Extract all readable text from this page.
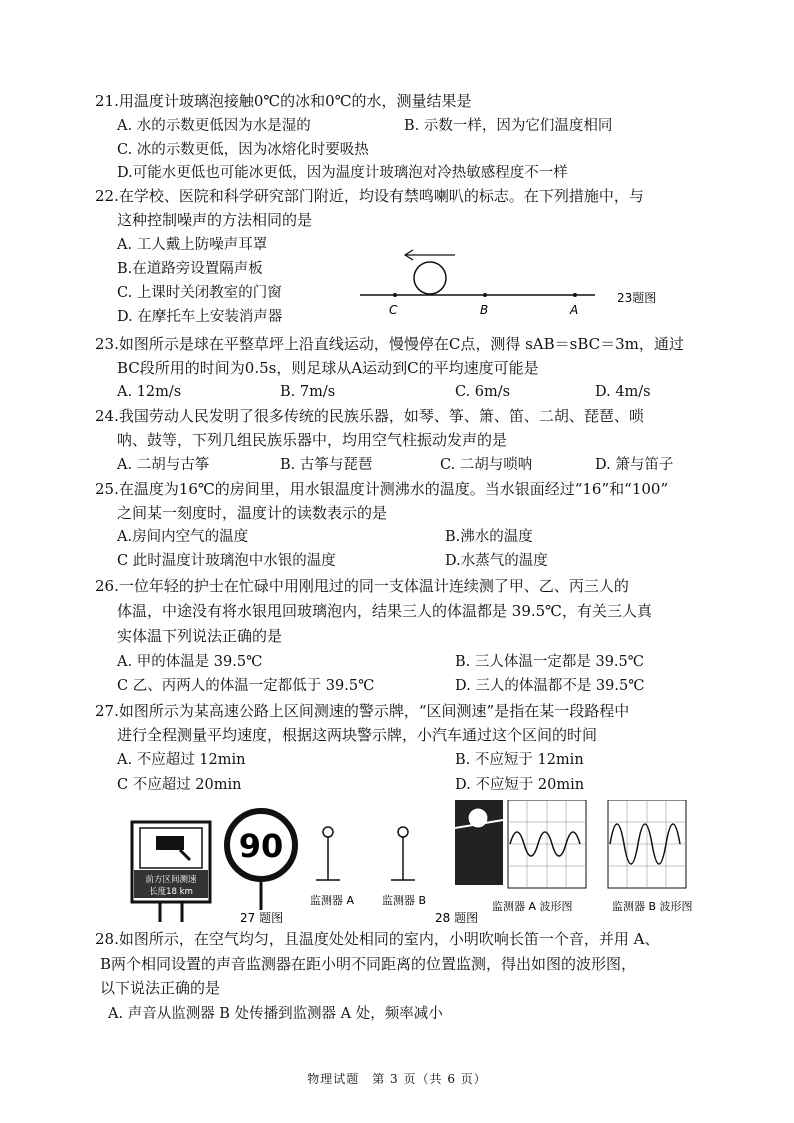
21.用温度计玻璃泡接触0℃的冰和0℃的水，测量结果是
A. 水的示数更低因为水是湿的	B. 示数一样，因为它们温度相同
C. 冰的示数更低，因为冰熔化时要吸热
D.可能水更低也可能冰更低，因为温度计玻璃泡对冷热敏感程度不一样
22.在学校、医院和科学研究部门附近，均设有禁鸣喇叭的标志。在下列措施中，与
这种控制噪声的方法相同的是
A. 工人戴上防噪声耳罩
B.在道路旁设置隔声板
C. 上课时关闭教室的门窗
D. 在摩托车上安装消声器	C	B	A
23题图
23.如图所示是球在平整草坪上沿直线运动，慢慢停在C点，测得 sAB＝sBC＝3m，通过
BC段所用的时间为0.5s，则足球从A运动到C的平均速度可能是
A. 12m/s	B. 7m/s	C. 6m/s	D. 4m/s
24.我国劳动人民发明了很多传统的民族乐器，如琴、筝、箫、笛、二胡、琵琶、唢
呐、鼓等，下列几组民族乐器中，均用空气柱振动发声的是
A. 二胡与古筝	B. 古筝与琵琶	C. 二胡与唢呐	D. 箫与笛子
25.在温度为16℃的房间里，用水银温度计测沸水的温度。当水银面经过“16”和“100”
之间某一刻度时，温度计的读数表示的是
A.房间内空气的温度	B.沸水的温度
C 此时温度计玻璃泡中水银的温度	D.水蒸气的温度
26.一位年轻的护士在忙碌中用刚甩过的同一支体温计连续测了甲、乙、丙三人的
体温，中途没有将水银甩回玻璃泡内，结果三人的体温都是 39.5℃，有关三人真
实体温下列说法正确的是
A. 甲的体温是 39.5℃	B. 三人体温一定都是 39.5℃
C 乙、丙两人的体温一定都低于 39.5℃	D. 三人的体温都不是 39.5℃
27.如图所示为某高速公路上区间测速的警示牌，“区间测速”是指在某一段路程中
进行全程测量平均速度，根据这两块警示牌，小汽车通过这个区间的时间
A. 不应超过 12min	B. 不应短于 12min
C 不应超过 20min	D. 不应短于 20min
前方区间测速
长度18 km
90
27 题图
监测器 A	监测器 B
28 题图
监测器 A 波形图	监测器 B 波形图
28.如图所示，在空气均匀，且温度处处相同的室内，小明吹响长笛一个音，并用 A、
B两个相同设置的声音监测器在距小明不同距离的位置监测，得出如图的波形图，
以下说法正确的是
A. 声音从监测器 B 处传播到监测器 A 处，频率减小
物理试题　第 3 页（共 6 页）
